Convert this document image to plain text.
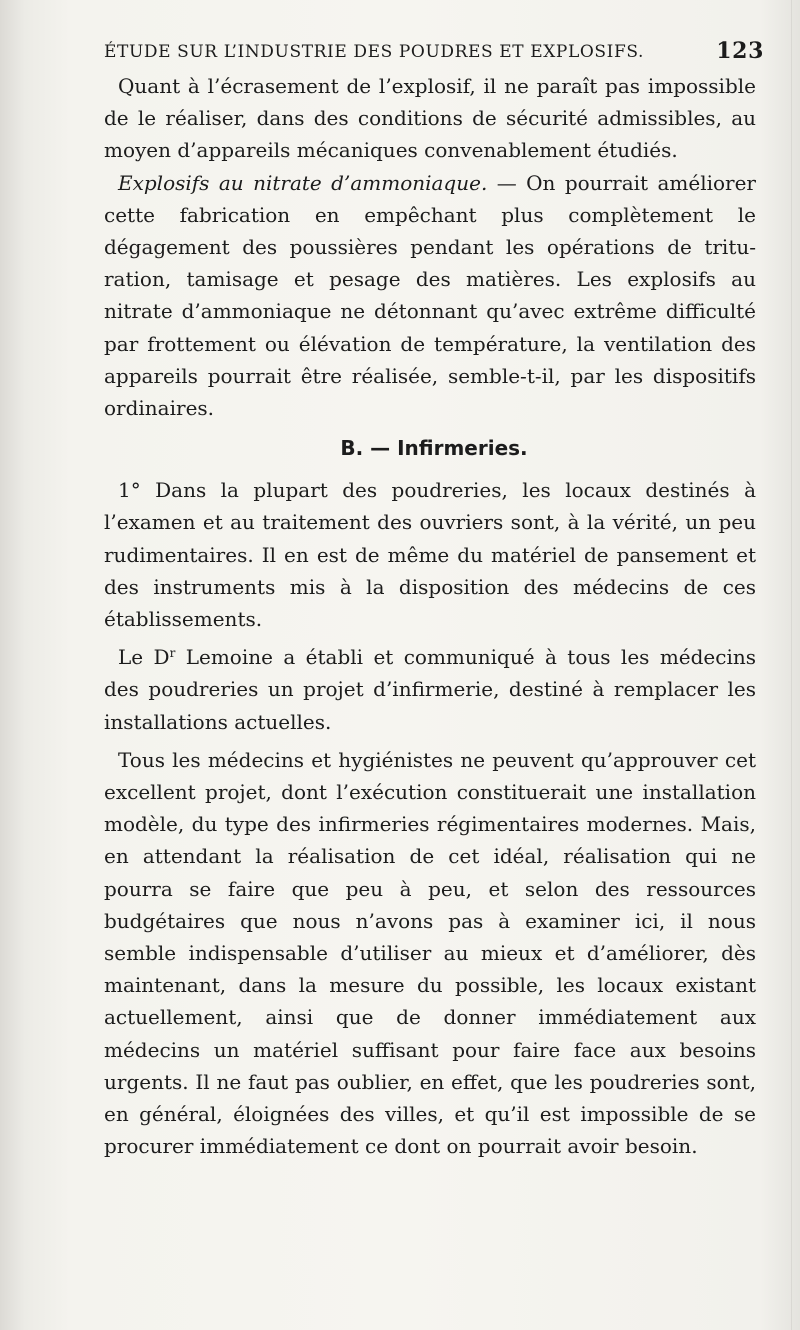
ÉTUDE SUR L’INDUSTRIE DES POUDRES ET EXPLOSIFS.	123

Quant à l’écrasement de l’explosif, il ne paraît pas impossible de le réaliser, dans des conditions de sécurité admissibles, au moyen d’appareils mécaniques convenablement étudiés.

Explosifs au nitrate d’ammoniaque. — On pourrait améliorer cette fabrication en empêchant plus complètement le dégagement des poussières pendant les opérations de trituration, tamisage et pesage des matières. Les explosifs au nitrate d’ammoniaque ne détonnant qu’avec extrême difficulté par frottement ou élévation de température, la ventilation des appareils pourrait être réalisée, semble-t-il, par les dispositifs ordinaires.

B. — Infirmeries.

1° Dans la plupart des poudreries, les locaux destinés à l’examen et au traitement des ouvriers sont, à la vérité, un peu rudimentaires. Il en est de même du matériel de pansement et des instruments mis à la disposition des médecins de ces établissements.

Le $D^r$ Lemoine a établi et communiqué à tous les médecins des poudreries un projet d’infirmerie, destiné à remplacer les installations actuelles.

Tous les médecins et hygiénistes ne peuvent qu’approuver cet excellent projet, dont l’exécution constituerait une installation modèle, du type des infirmeries régimentaires modernes. Mais, en attendant la réalisation de cet idéal, réalisation qui ne pourra se faire que peu à peu, et selon des ressources budgétaires que nous n’avons pas à examiner ici, il nous semble indispensable d’utiliser au mieux et d’améliorer, dès maintenant, dans la mesure du possible, les locaux existant actuellement, ainsi que de donner immédiatement aux médecins un matériel suffisant pour faire face aux besoins urgents. Il ne faut pas oublier, en effet, que les poudreries sont, en général, éloignées des villes, et qu’il est impossible de se procurer immédiatement ce dont on pourrait avoir besoin.
